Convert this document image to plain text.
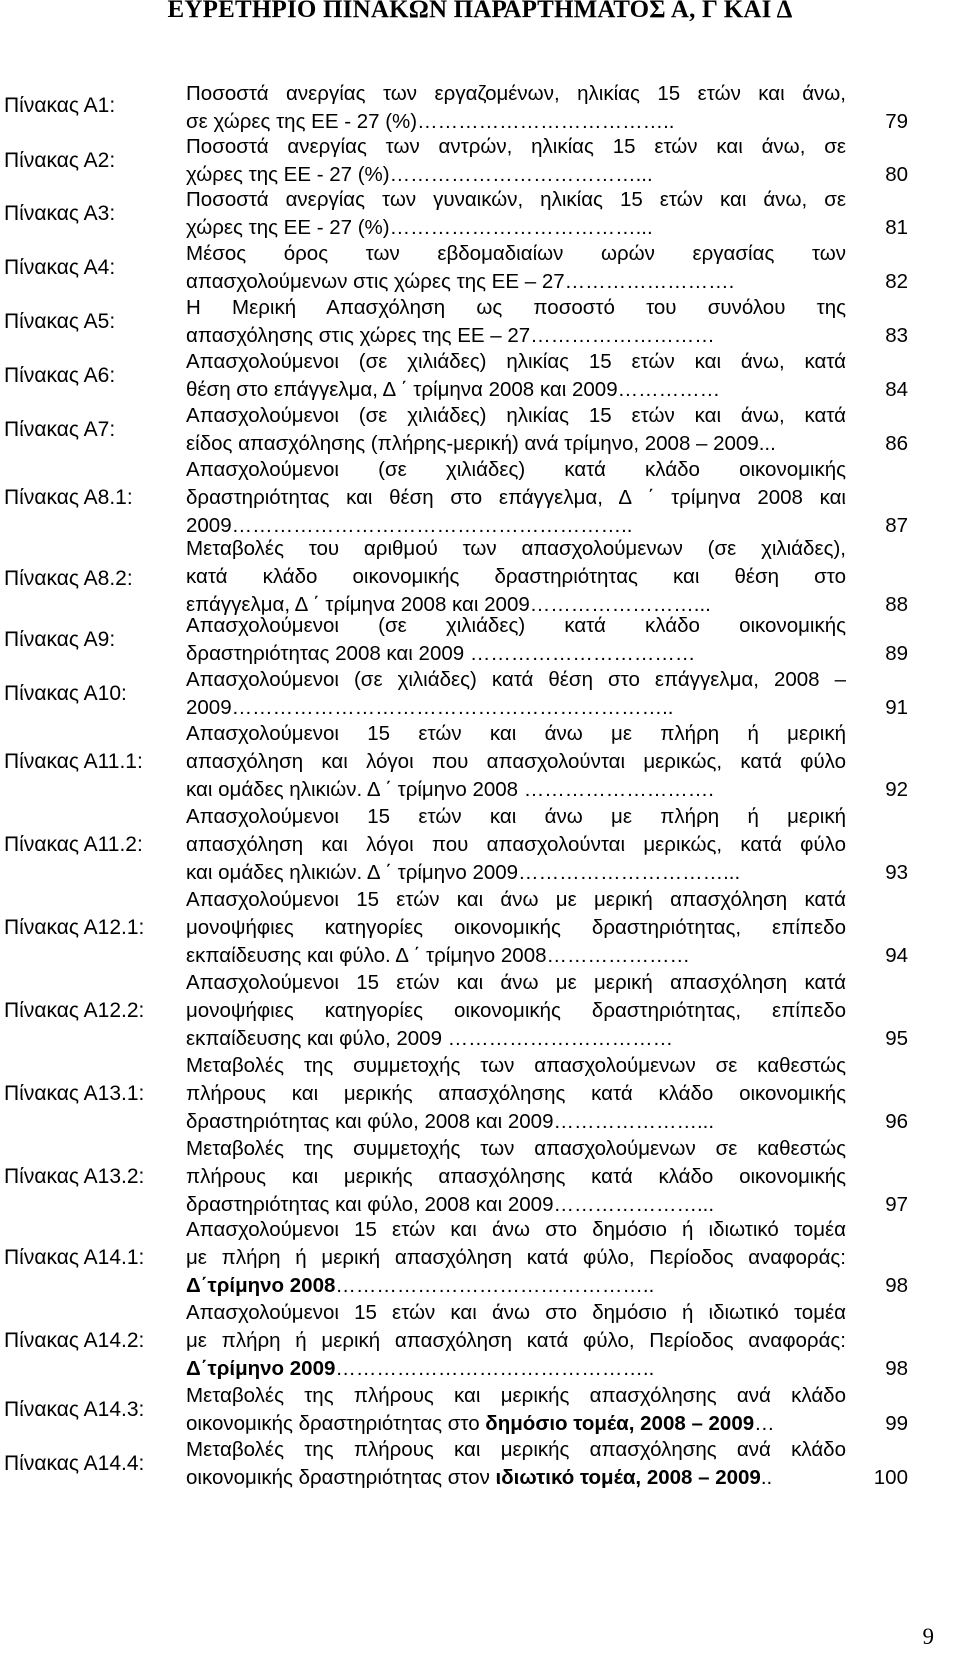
ΕΥΡΕΤΗΡΙΟ ΠΙΝΑΚΩΝ ΠΑΡΑΡΤΗΜΑΤΟΣ Α, Γ ΚΑΙ Δ
Πίνακας Α1:
Ποσοστά ανεργίας των εργαζομένων, ηλικίας 15 ετών και άνω,
σε χώρες της ΕΕ - 27 (%)………………………………..	79
Πίνακας Α2:
Ποσοστά ανεργίας των αντρών, ηλικίας 15 ετών και άνω, σε
χώρες της ΕΕ - 27 (%)………………………………...	80
Πίνακας Α3:
Ποσοστά ανεργίας των γυναικών, ηλικίας 15 ετών και άνω, σε
χώρες της ΕΕ - 27 (%)………………………………...	81
Πίνακας Α4:
Μέσος όρος των εβδομαδιαίων ωρών εργασίας των
απασχολούμενων στις χώρες της ΕΕ – 27…………………….	82
Πίνακας Α5:
Η Μερική Απασχόληση ως ποσοστό του συνόλου της
απασχόλησης στις χώρες της ΕΕ – 27………………………	83
Πίνακας Α6:
Απασχολούμενοι (σε χιλιάδες) ηλικίας 15 ετών και άνω, κατά
θέση στο επάγγελμα, Δ ΄ τρίμηνα 2008 και 2009……………	84
Πίνακας Α7:
Απασχολούμενοι (σε χιλιάδες) ηλικίας 15 ετών και άνω, κατά
είδος απασχόλησης (πλήρης-μερική) ανά τρίμηνο, 2008 – 2009...	86
Πίνακας Α8.1:
Απασχολούμενοι (σε χιλιάδες) κατά κλάδο οικονομικής
δραστηριότητας και θέση στο επάγγελμα, Δ ΄ τρίμηνα 2008 και
2009…………………………………………………..	87
Πίνακας Α8.2:
Μεταβολές του αριθμού των απασχολούμενων (σε χιλιάδες),
κατά κλάδο οικονομικής δραστηριότητας και θέση στο
επάγγελμα, Δ ΄ τρίμηνα 2008 και 2009……………………...	88
Πίνακας Α9:
Απασχολούμενοι (σε χιλιάδες) κατά κλάδο οικονομικής
δραστηριότητας 2008 και 2009 ……………………………	89
Πίνακας Α10:
Απασχολούμενοι (σε χιλιάδες) κατά θέση στο επάγγελμα, 2008 –
2009………………………………………………………..	91
Πίνακας Α11.1:
Απασχολούμενοι 15 ετών και άνω με πλήρη ή μερική
απασχόληση και λόγοι που απασχολούνται μερικώς, κατά φύλο
και ομάδες ηλικιών. Δ ΄ τρίμηνο 2008 ……………………….	92
Πίνακας Α11.2:
Απασχολούμενοι 15 ετών και άνω με πλήρη ή μερική
απασχόληση και λόγοι που απασχολούνται μερικώς, κατά φύλο
και ομάδες ηλικιών. Δ ΄ τρίμηνο 2009…………………………...	93
Πίνακας Α12.1:
Απασχολούμενοι 15 ετών και άνω με μερική απασχόληση κατά
μονοψήφιες κατηγορίες οικονομικής δραστηριότητας, επίπεδο
εκπαίδευσης και φύλο. Δ ΄ τρίμηνο 2008…………………	94
Πίνακας Α12.2:
Απασχολούμενοι 15 ετών και άνω με μερική απασχόληση κατά
μονοψήφιες κατηγορίες οικονομικής δραστηριότητας, επίπεδο
εκπαίδευσης και φύλο, 2009 ……………………………	95
Πίνακας Α13.1:
Μεταβολές της συμμετοχής των απασχολούμενων σε καθεστώς
πλήρους και μερικής απασχόλησης κατά κλάδο οικονομικής
δραστηριότητας και φύλο, 2008 και 2009…………………...	96
Πίνακας Α13.2:
Μεταβολές της συμμετοχής των απασχολούμενων σε καθεστώς
πλήρους και μερικής απασχόλησης κατά κλάδο οικονομικής
δραστηριότητας και φύλο, 2008 και 2009…………………...	97
Πίνακας Α14.1:
Απασχολούμενοι 15 ετών και άνω στο δημόσιο ή ιδιωτικό τομέα
με πλήρη ή μερική απασχόληση κατά φύλο, Περίοδος αναφοράς:
Δ΄τρίμηνο 2008………………………………………..	98
Πίνακας Α14.2:
Απασχολούμενοι 15 ετών και άνω στο δημόσιο ή ιδιωτικό τομέα
με πλήρη ή μερική απασχόληση κατά φύλο, Περίοδος αναφοράς:
Δ΄τρίμηνο 2009………………………………………..	98
Πίνακας Α14.3:
Μεταβολές της πλήρους και μερικής απασχόλησης ανά κλάδο
οικονομικής δραστηριότητας στο δημόσιο τομέα, 2008 – 2009…	99
Πίνακας Α14.4:
Μεταβολές της πλήρους και μερικής απασχόλησης ανά κλάδο
οικονομικής δραστηριότητας στον ιδιωτικό τομέα, 2008 – 2009..	100
9
